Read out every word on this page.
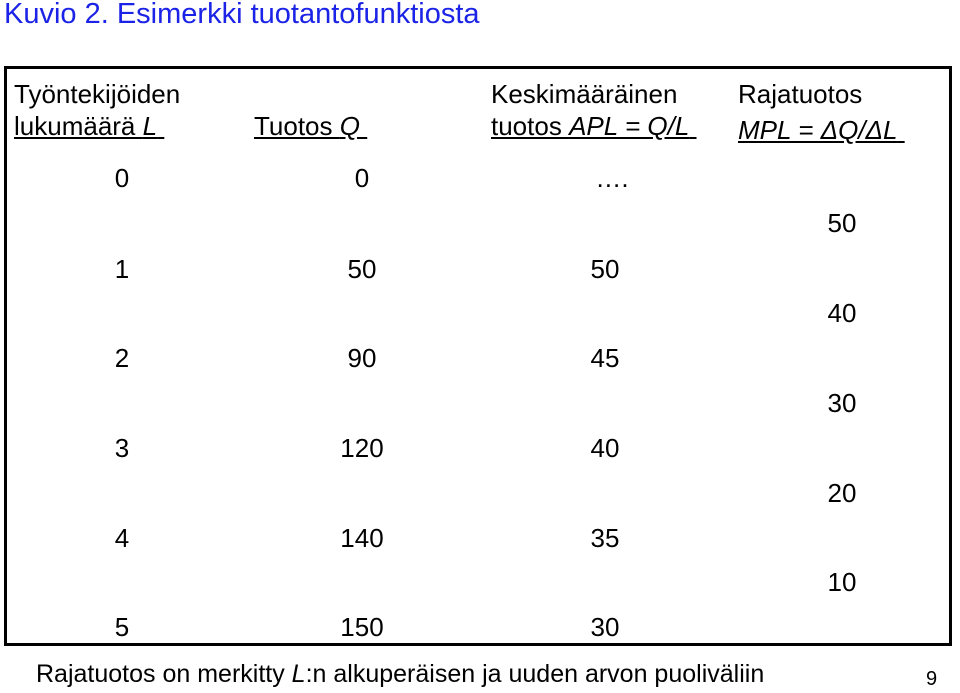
Kuvio 2. Esimerkki tuotantofunktiosta
Työntekijöiden
lukumäärä L	Tuotos Q
Keskimääräinen
tuotos APL = Q/L
Rajatuotos
MPL = ΔQ/ΔL
0
1
2
3
4
5
0
50
90
120
140
150
….
50
45
40
35
30
50
40
30
20
10
Rajatuotos on merkitty L:n alkuperäisen ja uuden arvon puoliväliin	9
